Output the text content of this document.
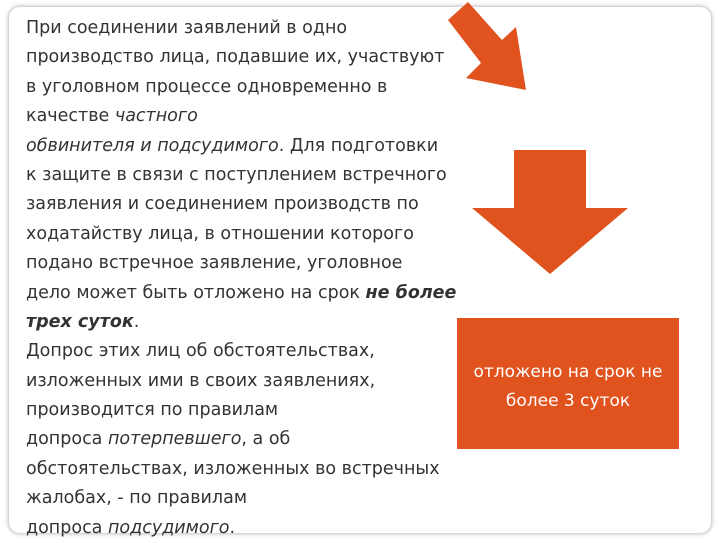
При соединении заявлений в одно
производство лица, подавшие их, участвуют
в уголовном процессе одновременно в
качестве частного
обвинителя и подсудимого. Для подготовки
к защите в связи с поступлением встречного
заявления и соединением производств по
ходатайству лица, в отношении которого
подано встречное заявление, уголовное
дело может быть отложено на срок не более
трех суток.
Допрос этих лиц об обстоятельствах,
изложенных ими в своих заявлениях,
производится по правилам
допроса потерпевшего, а об
обстоятельствах, изложенных во встречных
жалобах, - по правилам
допроса подсудимого.
отложено на срок не
более 3 суток
